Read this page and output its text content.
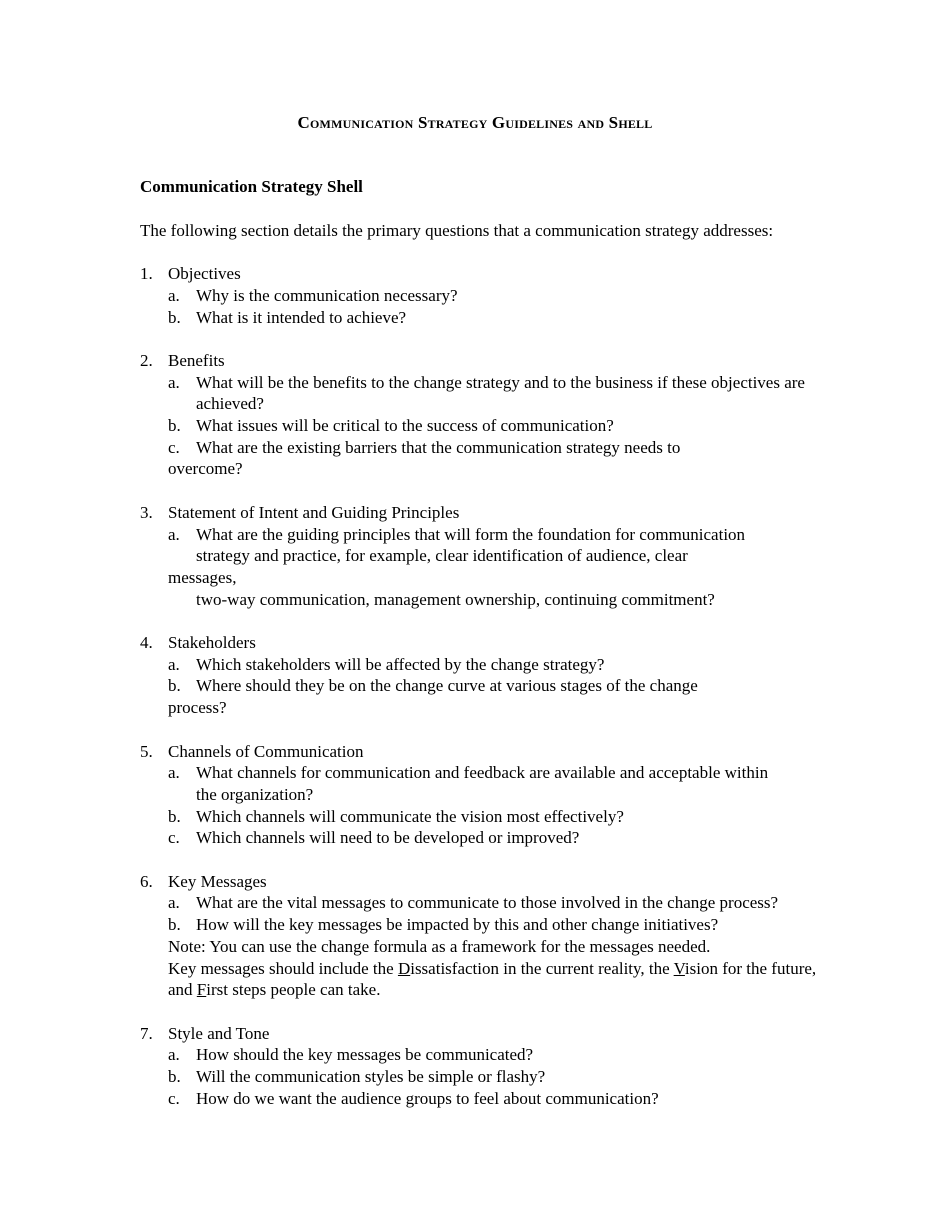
Communication Strategy Guidelines and Shell

Communication Strategy Shell

The following section details the primary questions that a communication strategy addresses:

1. Objectives
a. Why is the communication necessary?
b. What is it intended to achieve?
2. Benefits
a. What will be the benefits to the change strategy and to the business if these objectives are achieved?
b. What issues will be critical to the success of communication?
c. What are the existing barriers that the communication strategy needs to overcome?
3. Statement of Intent and Guiding Principles
a. What are the guiding principles that will form the foundation for communication
strategy and practice, for example, clear identification of audience, clear
messages,
two-way communication, management ownership, continuing commitment?
4. Stakeholders
a. Which stakeholders will be affected by the change strategy?
b. Where should they be on the change curve at various stages of the change process?
5. Channels of Communication
a. What channels for communication and feedback are available and acceptable within the organization?
b. Which channels will communicate the vision most effectively?
c. Which channels will need to be developed or improved?
6. Key Messages
a. What are the vital messages to communicate to those involved in the change process?
b. How will the key messages be impacted by this and other change initiatives?
Note: You can use the change formula as a framework for the messages needed.
Key messages should include the Dissatisfaction in the current reality, the Vision for the future, and First steps people can take.
7. Style and Tone
a. How should the key messages be communicated?
b. Will the communication styles be simple or flashy?
c. How do we want the audience groups to feel about communication?
